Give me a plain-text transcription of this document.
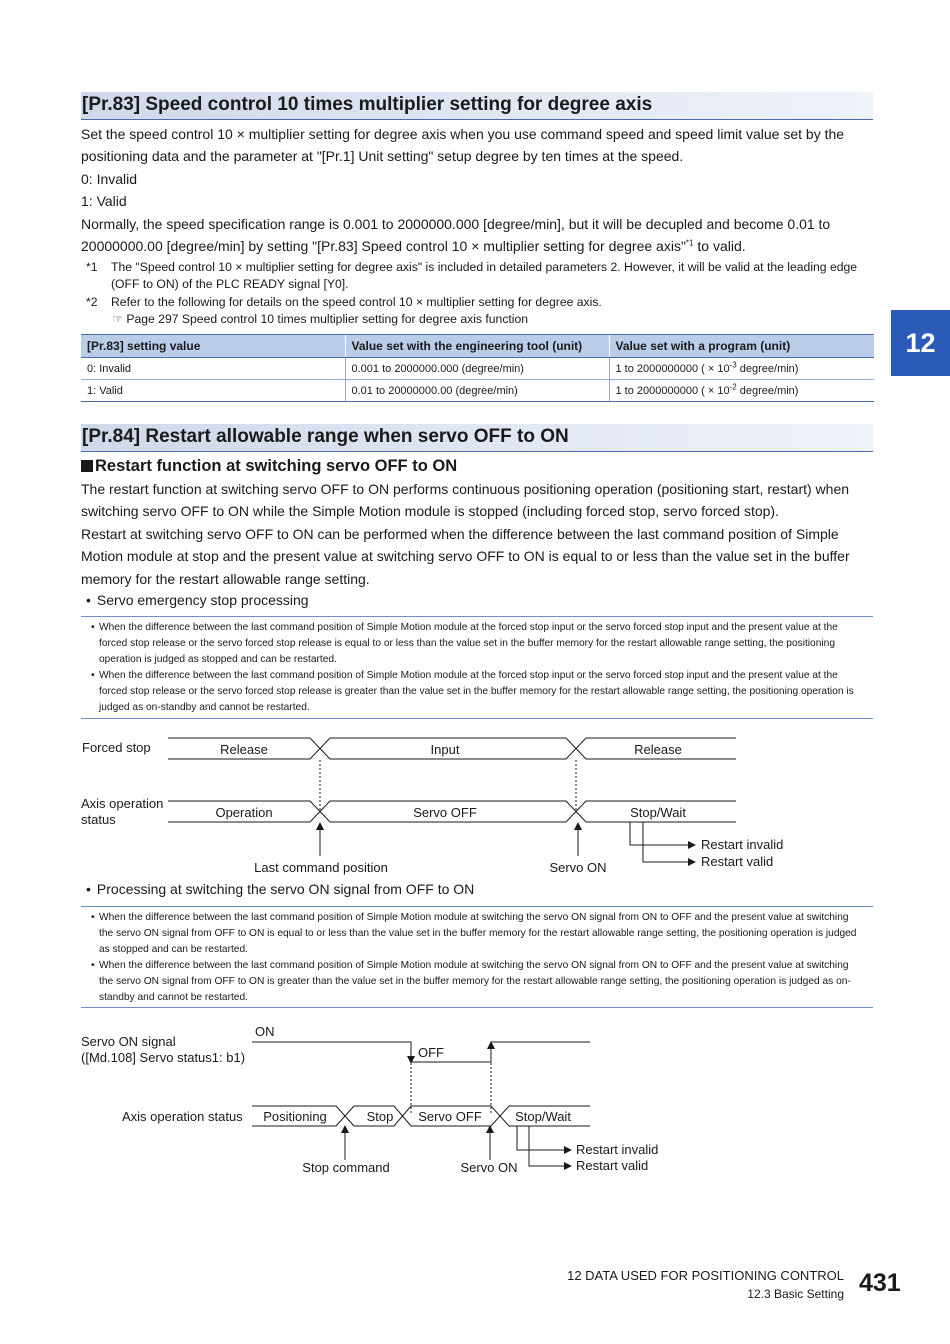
[Pr.83] Speed control 10 times multiplier setting for degree axis

Set the speed control 10 × multiplier setting for degree axis when you use command speed and speed limit value set by the positioning data and the parameter at "[Pr.1] Unit setting" setup degree by ten times at the speed.

0: Invalid

1: Valid

Normally, the speed specification range is 0.001 to 2000000.000 [degree/min], but it will be decupled and become 0.01 to 20000000.00 [degree/min] by setting "[Pr.83] Speed control 10 × multiplier setting for degree axis"$^{*1}$ to valid.

*1 The "Speed control 10 × multiplier setting for degree axis" is included in detailed parameters 2. However, it will be valid at the leading edge (OFF to ON) of the PLC READY signal [Y0].
*2 Refer to the following for details on the speed control 10 × multiplier setting for degree axis.
☞ Page 297 Speed control 10 times multiplier setting for degree axis function
[Pr.83] setting value	Value set with the engineering tool (unit)	Value set with a program (unit)
0: Invalid	0.001 to 2000000.000 (degree/min)	1 to 2000000000 ( × $10^{-3}$ degree/min)
1: Valid	0.01 to 20000000.00 (degree/min)	1 to 2000000000 ( × $10^{-2}$ degree/min)
[Pr.84] Restart allowable range when servo OFF to ON
Restart function at switching servo OFF to ON

The restart function at switching servo OFF to ON performs continuous positioning operation (positioning start, restart) when switching servo OFF to ON while the Simple Motion module is stopped (including forced stop, servo forced stop).

Restart at switching servo OFF to ON can be performed when the difference between the last command position of Simple Motion module at stop and the present value at switching servo OFF to ON is equal to or less than the value set in the buffer memory for the restart allowable range setting.

• Servo emergency stop processing
• When the difference between the last command position of Simple Motion module at the forced stop input or the servo forced stop input and the present value at the forced stop release or the servo forced stop release is equal to or less than the value set in the buffer memory for the restart allowable range setting, the positioning operation is judged as stopped and can be restarted.
• When the difference between the last command position of Simple Motion module at the forced stop input or the servo forced stop input and the present value at the forced stop release or the servo forced stop release is greater than the value set in the buffer memory for the restart allowable range setting, the positioning operation is judged as on-standby and cannot be restarted.
Forced stop	Release	Input	Release
Axis operation
status	Operation	Servo OFF	Stop/Wait
Last command position	Servo ON
Restart invalid
Restart valid
• Processing at switching the servo ON signal from OFF to ON
• When the difference between the last command position of Simple Motion module at switching the servo ON signal from ON to OFF and the present value at switching the servo ON signal from OFF to ON is equal to or less than the value set in the buffer memory for the restart allowable range setting, the positioning operation is judged as stopped and can be restarted.
• When the difference between the last command position of Simple Motion module at switching the servo ON signal from ON to OFF and the present value at switching the servo ON signal from OFF to ON is greater than the value set in the buffer memory for the restart allowable range setting, the positioning operation is judged as on-standby and cannot be restarted.
Servo ON signal
([Md.108] Servo status1: b1)
ON
OFF
Axis operation status Positioning	Stop Servo OFF	Stop/Wait
Stop command	Servo ON
Restart invalid
Restart valid
12
12 DATA USED FOR POSITIONING CONTROL
12.3 Basic Setting 431
